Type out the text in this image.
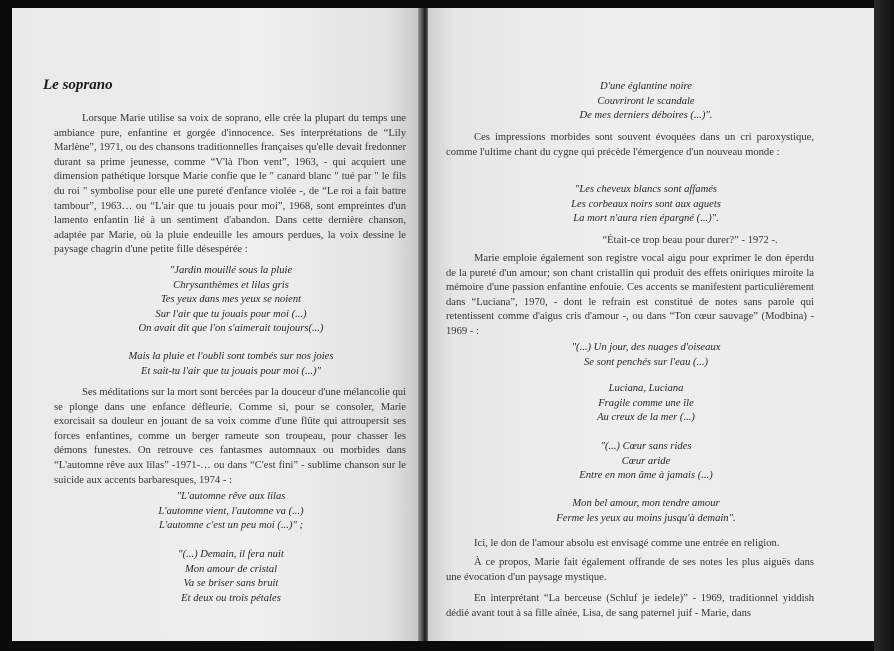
Le soprano

Lorsque Marie utilise sa voix de soprano, elle crée la plupart du temps une ambiance pure, enfantine et gorgée d'innocence. Ses interprétations de “Lily Marlène”, 1971, ou des chansons traditionnelles françaises qu'elle devait fredonner durant sa prime jeunesse, comme “V'là l'bon vent”, 1963, - qui acquiert une dimension pathétique lorsque Marie confie que le " canard blanc " tué par " le fils du roi " symbolise pour elle une pureté d'enfance violée -, de “Le roi a fait battre tambour”, 1963… ou “L'air que tu jouais pour moi”, 1968, sont empreintes d'un lamento enfantin lié à un sentiment d'abandon. Dans cette dernière chanson, adaptée par Marie, où la pluie endeuille les amours perdues, la voix dessine le paysage chagrin d'une petite fille désespérée :

"Jardin mouillé sous la pluie
Chrysanthèmes et lilas gris
Tes yeux dans mes yeux se noient
Sur l'air que tu jouais pour moi (...)
On avait dit que l'on s'aimerait toujours(...)
Mais la pluie et l'oubli sont tombés sur nos joies
Et sait-tu l'air que tu jouais pour moi (...)"

Ses méditations sur la mort sont bercées par la douceur d'une mélancolie qui se plonge dans une enfance défleurie. Comme si, pour se consoler, Marie exorcisait sa douleur en jouant de sa voix comme d'une flûte qui attroupersit ses forces enfantines, comme un berger rameute son troupeau, pour chasser les démons funestes. On retrouve ces fantasmes automnaux ou morbides dans “L'automne rêve aux lilas” -1971-… ou dans “C'est fini” - sublime chanson sur le suicide aux accents barbaresques, 1974 - :

"L'automne rêve aux lilas
L'automne vient, l'automne va (...)
L'automne c'est un peu moi (...)" ;
"(...) Demain, il fera nuit
Mon amour de cristal
Va se briser sans bruit
Et deux ou trois pétales
D'une églantine noire
Couvriront le scandale
De mes derniers déboires (...)".

Ces impressions morbides sont souvent évoquées dans un cri paroxystique, comme l'ultime chant du cygne qui précède l'émergence d'un nouveau monde :

"Les cheveux blancs sont affamés
Les corbeaux noirs sont aux aguets
La mort n'aura rien épargné (...)".
“Était-ce trop beau pour durer?” - 1972 -.

Marie emploie également son registre vocal aigu pour exprimer le don éperdu de la pureté d'un amour; son chant cristallin qui produit des effets oniriques miroite la mémoire d'une passion enfantine enfouie. Ces accents se manifestent particulièrement dans “Luciana”, 1970, - dont le refrain est constitué de notes sans parole qui retentissent comme d'aigus cris d'amour -, ou dans “Ton cœur sauvage” (Modbina) - 1969 - :

"(...) Un jour, des nuages d'oiseaux
Se sont penchés sur l'eau (...)
Luciana, Luciana
Fragile comme une île
Au creux de la mer (...)
"(...) Cœur sans rides
Cœur aride
Entre en mon âme à jamais (...)
Mon bel amour, mon tendre amour
Ferme les yeux au moins jusqu'à demain".

Ici, le don de l'amour absolu est envisagé comme une entrée en religion.

À ce propos, Marie fait également offrande de ses notes les plus aiguës dans une évocation d'un paysage mystique.

En interprétant “La berceuse (Schluf je iedele)” - 1969, traditionnel yiddish dédié avant tout à sa fille aînée, Lisa, de sang paternel juif - Marie, dans
